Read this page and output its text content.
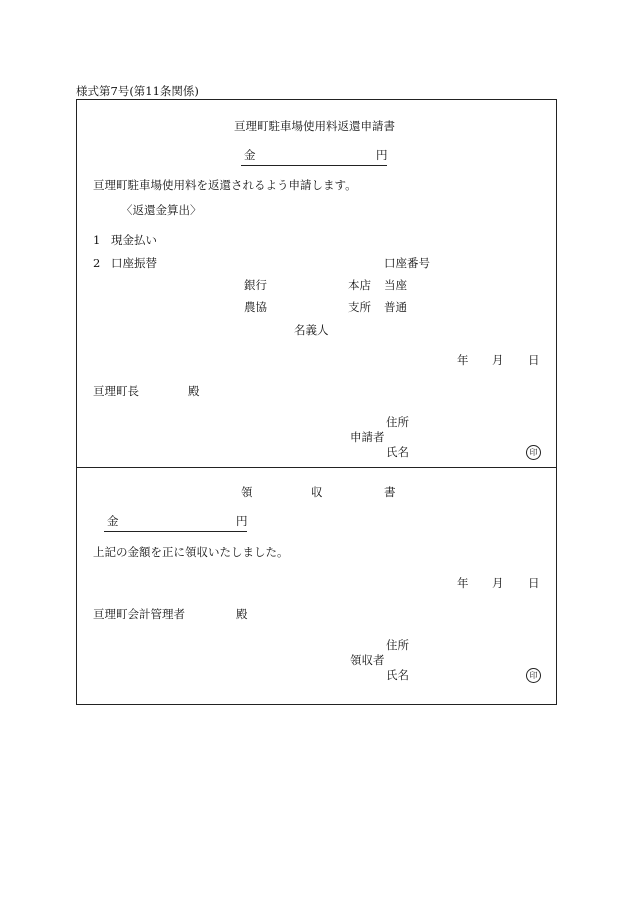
様式第7号(第11条関係)
亘理町駐車場使用料返還申請書
金	円
亘理町駐車場使用料を返還されるよう申請します。
〈返還金算出〉
1 現金払い
2 口座振替	口座番号
銀行	本店 当座
農協	支所 普通
名義人
年 月 日
亘理町長	殿
住所
申請者
氏名	印
領	収	書
金	円
上記の金額を正に領収いたしました。
年 月 日
亘理町会計管理者	殿
住所
領収者
氏名	印
